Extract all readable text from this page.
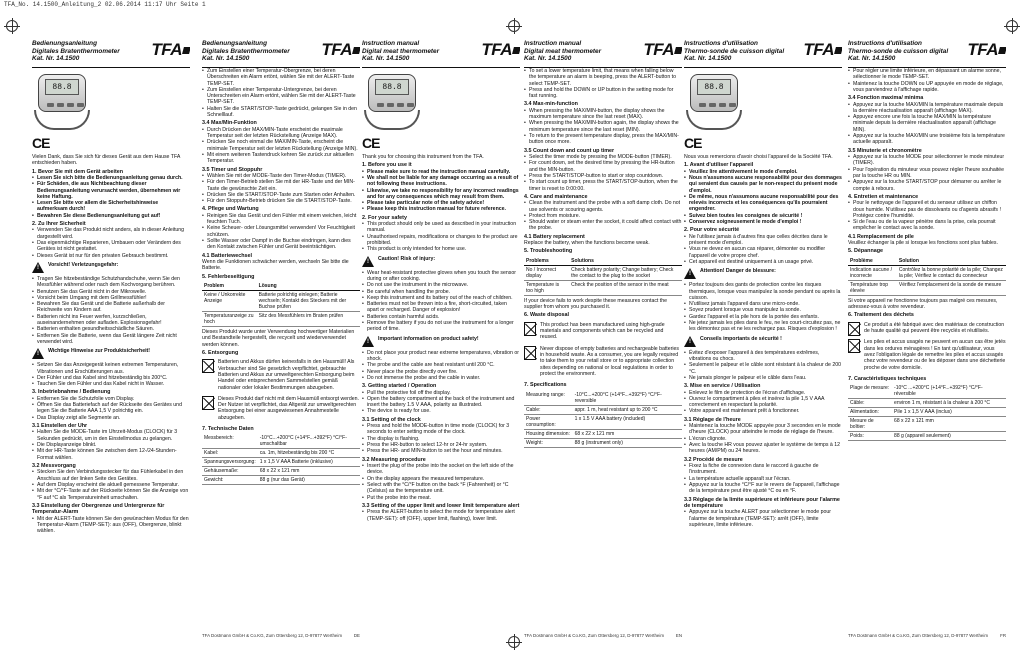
TFA_No. 14.1500_Anleitung_2 02.06.2014 11:17 Uhr Seite 1
Bedienungsanleitung
Digitales Bratenthermometer
Kat. Nr. 14.1500	TFA
88.8
CE
Vielen Dank, dass Sie sich für dieses Gerät aus dem Hause TFA entschieden haben.
1. Bevor Sie mit dem Gerät arbeiten
• Lesen Sie sich bitte die Bedienungsanleitung genau durch.
• Für Schäden, die aus Nichtbeachtung dieser Bedienungsanleitung verursacht werden, übernehmen wir keine Haftung.
• Lesen Sie bitte vor allem die Sicherheitshinweise aufmerksam durch!
• Bewahren Sie diese Bedienungsanleitung gut auf!
2. Zu Ihrer Sicherheit
• Verwenden Sie das Produkt nicht anders, als in dieser Anleitung dargestellt wird.
• Das eigenmächtige Reparieren, Umbauen oder Verändern des Gerätes ist nicht gestattet.
• Dieses Gerät ist nur für den privaten Gebrauch bestimmt.
! Vorsicht! Verletzungsgefahr:
• Tragen Sie hitzebeständige Schutzhandschuhe, wenn Sie den Messfühler während oder nach dem Kochvorgang berühren.
• Benutzen Sie das Gerät nicht in der Mikrowelle.
• Vorsicht beim Umgang mit dem Grillmessfühler!
• Bewahren Sie das Gerät und die Batterie außerhalb der Reichweite von Kindern auf.
• Batterien nicht ins Feuer werfen, kurzschließen, auseinandernehmen oder aufladen. Explosionsgefahr!
• Batterien enthalten gesundheitsschädliche Säuren.
• Entfernen Sie die Batterie, wenn das Gerät längere Zeit nicht verwendet wird.
! Wichtige Hinweise zur Produktsicherheit!
• Setzen Sie das Anzeigegerät keinen extremen Temperaturen, Vibrationen und Erschütterungen aus.
• Der Fühler und das Kabel sind hitzebeständig bis 200°C.
• Tauchen Sie den Fühler und das Kabel nicht in Wasser.
3. Inbetriebnahme / Bedienung
• Entfernen Sie die Schutzfolie vom Display.
• Öffnen Sie das Batteriefach auf der Rückseite des Gerätes und legen Sie die Batterie AAA 1,5 V polrichtig ein.
• Das Display zeigt alle Segmente an.
3.1 Einstellen der Uhr
• Halten Sie die MODE-Taste im Uhrzeit-Modus (CLOCK) für 3 Sekunden gedrückt, um in den Einstellmodus zu gelangen.
• Die Displayanzeige blinkt.
• Mit der HR-Taste können Sie zwischen dem 12-/24-Stunden-Format wählen.
3.2 Messvorgang
• Stecken Sie den Verbindungsstecker für das Fühlerkabel in den Anschluss auf der linken Seite des Gerätes.
• Auf dem Display erscheint die aktuell gemessene Temperatur.
• Mit der °C/°F-Taste auf der Rückseite können Sie die Anzeige von °F auf °C als Temperatureinheit umschalten.
3.3 Einstellung der Obergrenze und Untergrenze für Temperatur-Alarm
• Mit der ALERT-Taste können Sie den gewünschten Modus für den Temperatur-Alarm (TEMP-SET): aus (OFF), Obergrenze, blinkt wählen.
Bedienungsanleitung
Digitales Bratenthermometer
Kat. Nr. 14.1500	TFA
• Zum Einstellen einer Temperatur-Obergrenze, bei deren Überschreiten ein Alarm ertönt, wählen Sie mit der ALERT-Taste TEMP-SET.
• Zum Einstellen einer Temperatur-Untergrenze, bei deren Unterschreiten ein Alarm ertönt, wählen Sie mit der ALERT-Taste TEMP-SET.
• Halten Sie die START/STOP-Taste gedrückt, gelangen Sie in den Schnelllauf.
3.4 Max/Min-Funktion
• Durch Drücken der MAX/MIN-Taste erscheint die maximale Temperatur seit der letzten Rückstellung (Anzeige MAX).
• Drücken Sie noch einmal die MAX/MIN-Taste, erscheint die minimale Temperatur seit der letzten Rückstellung (Anzeige MIN).
• Mit einem weiteren Tastendruck kehren Sie zurück zur aktuellen Temperatur.
3.5 Timer und Stoppuhr
• Wählen Sie mit der MODE-Taste den Timer-Modus (TIMER).
• Für den Timer-Betrieb stellen Sie mit der HR-Taste und der MIN-Taste die gewünschte Zeit ein.
• Drücken Sie die START/STOP-Taste zum Starten oder Anhalten.
• Für den Stoppuhr-Betrieb drücken Sie die START/STOP-Taste.
4. Pflege und Wartung
• Reinigen Sie das Gerät und den Fühler mit einem weichen, leicht feuchten Tuch.
• Keine Scheuer- oder Lösungsmittel verwenden! Vor Feuchtigkeit schützen.
• Sollte Wasser oder Dampf in die Buchse eindringen, kann dies den Kontakt zwischen Fühler und Gerät beeinträchtigen.
4.1 Batteriewechsel
Wenn die Funktionen schwächer werden, wechseln Sie bitte die Batterie.
5. Fehlerbeseitigung
Problem	Lösung
Keine / Unkorrekte Anzeige	Batterie polrichtig einlegen; Batterie wechseln; Kontakt des Steckers mit der Buchse prüfen
Temperaturanzeige zu hoch	Sitz des Messfühlers im Braten prüfen
Dieses Produkt wurde unter Verwendung hochwertiger Materialien und Bestandteile hergestellt, die recycelt und wiederverwendet werden können.
6. Entsorgung
Batterien und Akkus dürfen keinesfalls in den Hausmüll! Als Verbraucher sind Sie gesetzlich verpflichtet, gebrauchte Batterien und Akkus zur umweltgerechten Entsorgung beim Handel oder entsprechenden Sammelstellen gemäß nationaler oder lokaler Bestimmungen abzugeben.
Dieses Produkt darf nicht mit dem Hausmüll entsorgt werden. Der Nutzer ist verpflichtet, das Altgerät zur umweltgerechten Entsorgung bei einer ausgewiesenen Annahmestelle abzugeben.
7. Technische Daten
Messbereich:	-10°C...+200°C (+14°F...+392°F) °C/°F-umschaltbar
Kabel:	ca. 1m, hitzebeständig bis 200 °C
Spannungsversorgung:	1 x 1,5 V AAA Batterie (inklusive)
Gehäusemaße:	68 x 22 x 121 mm
Gewicht:	88 g (nur das Gerät)
TFA Dostmann GmbH & Co.KG, Zum Ottersberg 12, D-97877 Wertheim	DE
Instruction manual
Digital meat thermometer
Kat. Nr. 14.1500	TFA
88.8
CE
Thank you for choosing this instrument from the TFA.
1. Before you use it
• Please make sure to read the instruction manual carefully.
• We shall not be liable for any damage occurring as a result of not following these instructions.
• Likewise, we take no responsibility for any incorrect readings and for any consequences which may result from them.
• Please take particular note of the safety advice!
• Please keep this instruction manual for future reference.
2. For your safety
• This product should only be used as described in your instruction manual.
• Unauthorised repairs, modifications or changes to the product are prohibited.
• This product is only intended for home use.
! Caution! Risk of injury:
• Wear heat-resistant protective gloves when you touch the sensor during or after cooking.
• Do not use the instrument in the microwave.
• Be careful when handling the probe.
• Keep this instrument and its battery out of the reach of children.
• Batteries must not be thrown into a fire, short-circuited, taken apart or recharged. Danger of explosion!
• Batteries contain harmful acids.
• Remove the battery if you do not use the instrument for a longer period of time.
! Important information on product safety!
• Do not place your product near extreme temperatures, vibration or shock.
• The probe and the cable are heat resistant until 200 °C.
• Never place the probe directly over fire.
• Do not immerse the probe and the cable in water.
3. Getting started / Operation
• Pull the protective foil off the display.
• Open the battery compartment at the back of the instrument and insert the battery 1.5 V AAA, polarity as illustrated.
• The device is ready for use.
3.1 Setting of the clock
• Press and hold the MODE-button in time mode (CLOCK) for 3 seconds to enter setting mode of the clock.
• The display is flashing.
• Press the HR-button to select 12-hr or 24-hr system.
• Press the HR- and MIN-button to set the hour and minutes.
3.2 Measuring procedure
• Insert the plug of the probe into the socket on the left side of the device.
• On the display appears the measured temperature.
• Select with the °C/°F button on the back °F (Fahrenheit) or °C (Celsius) as the temperature unit.
• Put the probe into the meat.
3.3 Setting of the upper limit and lower limit temperature alert
• Press the ALERT-button to select the mode for temperature alert (TEMP-SET): off (OFF), upper limit, flashing), lower limit.
Instruction manual
Digital meat thermometer
Kat. Nr. 14.1500	TFA
• To set a lower temperature limit, that means when falling below the temperature an alarm is beeping, press the ALERT-button to select TEMP-SET.
• Press and hold the DOWN or UP button in the setting mode for fast running.
3.4 Max-min-function
• When pressing the MAX/MIN-button, the display shows the maximum temperature since the last reset (MAX).
• When pressing the MAX/MIN-button again, the display shows the minimum temperature since the last reset (MIN).
• To return to the present temperature display, press the MAX/MIN-button once more.
3.5 Count down and count up timer
• Select the timer mode by pressing the MODE-button (TIMER).
• For count down, set the desired time by pressing the HR-button and the MIN-button.
• Press the START/STOP-button to start or stop countdown.
• To start count up timer, press the START/STOP-button, when the timer is reset to 0:00:00.
4. Care and maintenance
• Clean the instrument and the probe with a soft damp cloth. Do not use solvents or scouring agents.
• Protect from moisture.
• Should water or steam enter the socket, it could affect contact with the probe.
4.1 Battery replacement
Replace the battery, when the functions become weak.
5. Troubleshooting
Problems	Solutions
No / Incorrect display	Check battery polarity; Change battery; Check the contact to the plug to the socket
Temperature is too high	Check the position of the sensor in the meat
If your device fails to work despite these measures contact the supplier from whom you purchased it.
6. Waste disposal
This product has been manufactured using high-grade materials and components which can be recycled and reused.
Never dispose of empty batteries and rechargeable batteries in household waste. As a consumer, you are legally required to take them to your retail store or to appropriate collection sites depending on national or local regulations in order to protect the environment.
7. Specifications
Measuring range:	-10°C...+200°C (+14°F...+392°F) °C/°F-reversible
Cable:	appr. 1 m, heat resistant up to 200 °C
Power consumption:	1 x 1.5 V AAA battery (included)
Housing dimension:	68 x 22 x 121 mm
Weight:	88 g (instrument only)
TFA Dostmann GmbH & Co.KG, Zum Ottersberg 12, D-97877 Wertheim	EN
Instructions d'utilisation
Thermo-sonde de cuisson digital
Kat. Nr. 14.1500	TFA
88.8
CE
Nous vous remercions d'avoir choisi l'appareil de la Société TFA.
1. Avant d'utiliser l'appareil
• Veuillez lire attentivement le mode d'emploi.
• Nous n'assumons aucune responsabilité pour des dommages qui seraient dus causés par le non-respect du présent mode d'emploi.
• De même, nous n'assumons aucune responsabilité pour des relevés incorrects et les conséquences qu'ils pourraient engendrer.
• Suivez bien toutes les consignes de sécurité !
• Conservez soigneusement le mode d'emploi !
2. Pour votre sécurité
• Ne l'utilisez jamais à d'autres fins que celles décrites dans le présent mode d'emploi.
• Vous ne devez en aucun cas réparer, démonter ou modifier l'appareil de votre propre chef.
• Cet appareil est destiné uniquement à un usage privé.
! Attention! Danger de blessure:
• Portez toujours des gants de protection contre les risques thermiques, lorsque vous manipulez la sonde pendant ou après la cuisson.
• N'utilisez jamais l'appareil dans une micro-onde.
• Soyez prudent lorsque vous manipulez la sonde.
• Gardez l'appareil et la pile hors de la portée des enfants.
• Ne jetez jamais les piles dans le feu, ne les court-circuitez pas, ne les démontez pas et ne les rechargez pas. Risques d'explosion !
! Conseils importants de sécurité !
• Évitez d'exposer l'appareil à des températures extrêmes, vibrations ou chocs.
• Seulement le palpeur et le câble sont résistant à la chaleur de 200 °C.
• Ne jamais plonger le palpeur et le câble dans l'eau.
3. Mise en service / Utilisation
• Enlevez le film de protection de l'écran d'affichage.
• Ouvrez le compartiment à piles et insérez la pile 1,5 V AAA correctement en respectant la polarité.
• Votre appareil est maintenant prêt à fonctionner.
3.1 Réglage de l'heure
• Maintenez la touche MODE appuyée pour 3 secondes en le mode d'heure (CLOCK) pour atteindre le mode de réglage de l'heure.
• L'écran clignote.
• Avec la touche HR vous pouvez ajuster le système de temps à 12 heures (AM/PM) ou 24 heures.
3.2 Procédé de mesure
• Fixez la fiche de connexion dans le raccord à gauche de l'instrument.
• La température actuelle apparaît sur l'écran.
• Appuyez sur la touche °C/°F sur le revers de l'appareil, l'affichage de la température peut être ajusté °C ou en °F.
3.3 Réglage de la limite supérieure et inférieure pour l'alarme de température
• Appuyez sur la touche ALERT pour sélectionner le mode pour l'alarme de température (TEMP-SET): arrêt (OFF), limite supérieure, limite inférieure.
Instructions d'utilisation
Thermo-sonde de cuisson digital
Kat. Nr. 14.1500	TFA
• Pour régler une limite inférieure, en dépassant un alarme sonne, sélectionner le mode TEMP-SET.
• Maintenez la touche DOWN ou UP appuyée en mode de réglage, vous parviendrez à l'affichage rapide.
3.4 Fonction maxima/ minima
• Appuyez sur la touche MAX/MIN la température maximale depuis la dernière réactualisation apparaît (affichage MAX).
• Appuyez encore une fois la touche MAX/MIN la température minimale depuis la dernière réactualisation apparaît (affichage MIN).
• Appuyez sur la touche MAX/MIN une troisième fois la température actuelle apparaît.
3.5 Minuterie et chronomètre
• Appuyez sur la touche MODE pour sélectionner le mode minuteur (TIMER).
• Pour l'opération du minuteur vous pouvez régler l'heure souhaitée par la touche HR ou MIN.
• Appuyez sur la touche START/STOP pour démarrer ou arrêter le compte à rebours.
4. Entretien et maintenance
• Pour le nettoyage de l'appareil et du senseur utilisez un chiffon doux humide. N'utilisez pas de dissolvants ou d'agents abrasifs ! Protégez contre l'humidité.
• Si de l'eau ou de la vapeur pénètre dans la prise, cela pourrait empêcher le contact avec la sonde.
4.1 Remplacement de pile
Veuillez échanger la pile si lorsque les fonctions sont plus faibles.
5. Dépannage
Problème	Solution
Indication aucune / incorrecte	Contrôlez la bonne polarité de la pile; Changez la pile; Vérifiez le contact du connecteur
Température trop élevée	Vérifiez l'emplacement de la sonde de mesure
Si votre appareil ne fonctionne toujours pas malgré ces mesures, adressez-vous à votre revendeur.
6. Traitement des déchets
Ce produit a été fabriqué avec des matériaux de construction de haute qualité qui peuvent être recyclés et réutilisés.
Les piles et accus usagés ne peuvent en aucun cas être jetés dans les ordures ménagères ! En tant qu'utilisateur, vous avez l'obligation légale de remettre les piles et accus usagés chez votre revendeur ou de les déposer dans une déchetterie proche de votre domicile.
7. Caractéristiques techniques
Plage de mesure:	-10°C ...+200°C (+14°F...+392°F) °C/°F- réversible
Câble:	environ 1 m, résistant à la chaleur à 200 °C
Alimentation:	Pile 1 x 1,5 V AAA (inclus)
Mesure de boîtier:	68 x 22 x 121 mm
Poids:	88 g (appareil seulement)
TFA Dostmann GmbH & Co.KG, Zum Ottersberg 12, D-97877 Wertheim	FR
